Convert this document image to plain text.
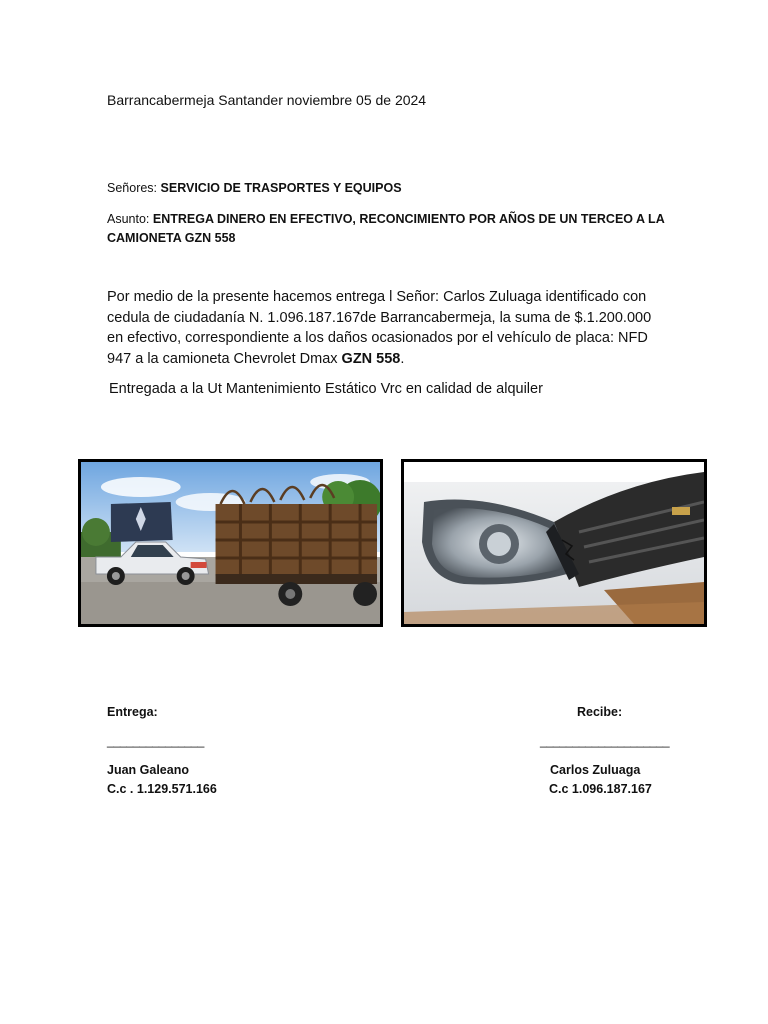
Barrancabermeja Santander noviembre 05 de 2024
Señores: SERVICIO DE TRASPORTES Y EQUIPOS
Asunto: ENTREGA DINERO EN EFECTIVO, RECONCIMIENTO POR AÑOS DE UN TERCEO A LA CAMIONETA GZN 558
Por medio de la presente hacemos entrega l Señor: Carlos Zuluaga identificado con cedula de ciudadanía N. 1.096.187.167de Barrancabermeja, la suma de $.1.200.000 en efectivo, correspondiente a los daños ocasionados por el vehículo de placa: NFD 947 a la camioneta Chevrolet Dmax GZN 558.
Entregada a la Ut Mantenimiento Estático Vrc en calidad de alquiler
Entrega:	Recibe:
_______________	____________________
Juan Galeano	Carlos Zuluaga
C.c . 1.129.571.166	C.c 1.096.187.167
